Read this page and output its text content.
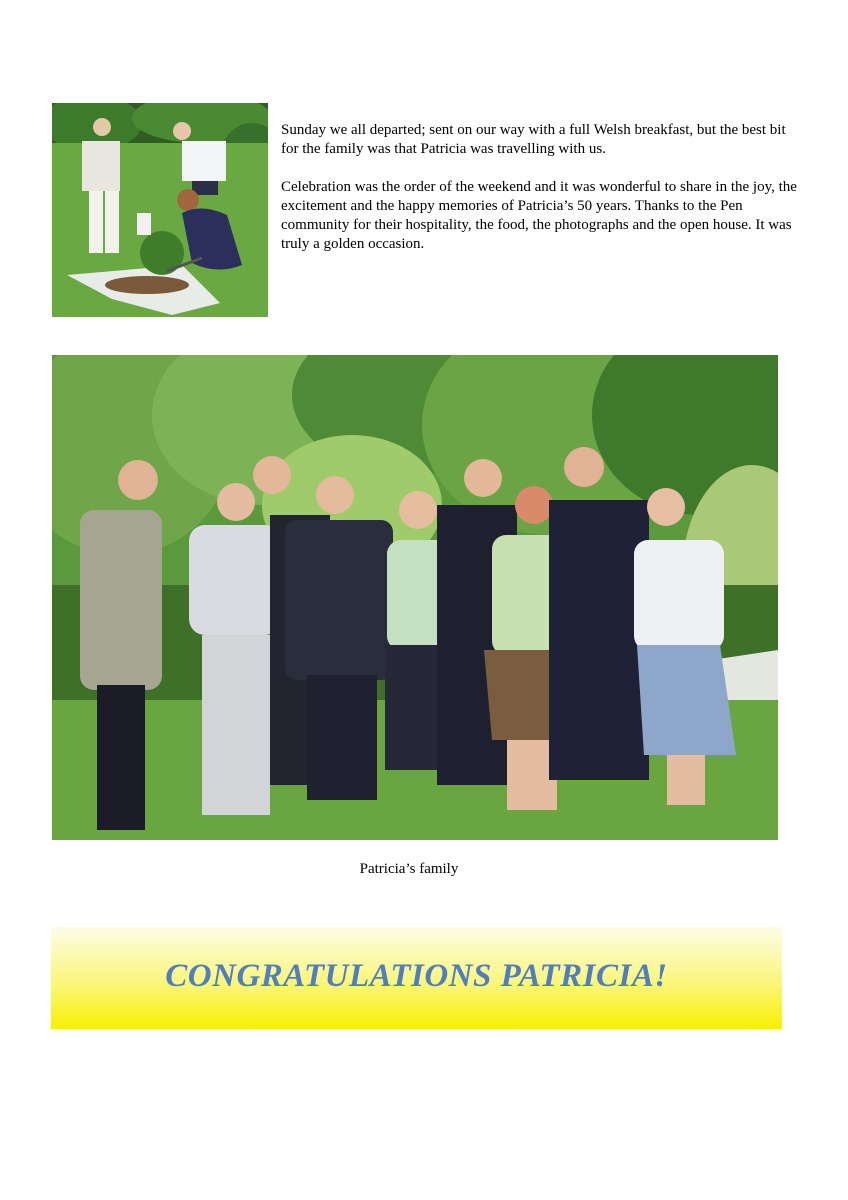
Sunday we all departed; sent on our way with a full Welsh breakfast, but the best bit for the family was that Patricia was travelling with us.

Celebration was the order of the weekend and it was wonderful to share in the joy, the excitement and the happy memories of Patricia’s 50 years. Thanks to the Pen community for their hospitality, the food, the photographs and the open house. It was truly a golden occasion.

Patricia’s family
CONGRATULATIONS PATRICIA!
